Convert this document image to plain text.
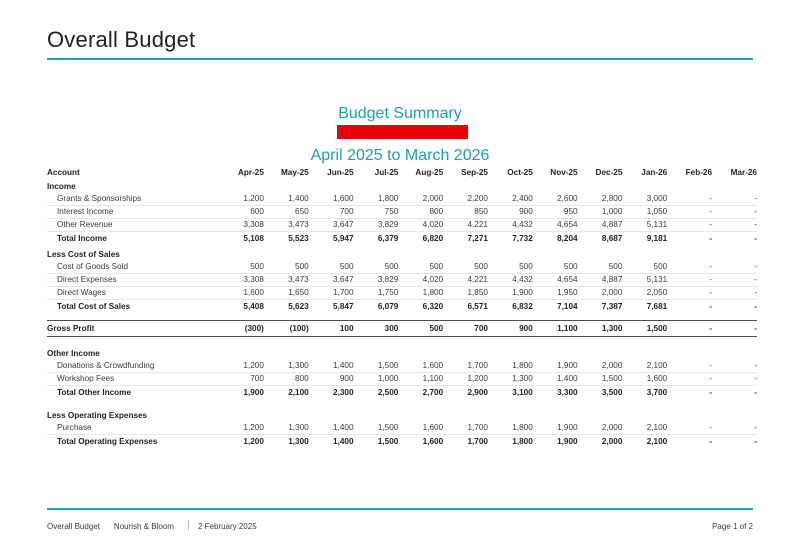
Overall Budget
Budget Summary
April 2025 to March 2026
Account	Apr-25	May-25	Jun-25	Jul-25	Aug-25	Sep-25	Oct-25	Nov-25	Dec-25	Jan-26	Feb-26	Mar-26
Income												
Grants & Sponsorships	1,200	1,400	1,600	1,800	2,000	2,200	2,400	2,600	2,800	3,000	-	-
Interest Income	600	650	700	750	800	850	900	950	1,000	1,050	-	-
Other Revenue	3,308	3,473	3,647	3,829	4,020	4,221	4,432	4,654	4,887	5,131	-	-
Total Income	5,108	5,523	5,947	6,379	6,820	7,271	7,732	8,204	8,687	9,181	-	-
Less Cost of Sales												
Cost of Goods Sold	500	500	500	500	500	500	500	500	500	500	-	-
Direct Expenses	3,308	3,473	3,647	3,829	4,020	4,221	4,432	4,654	4,887	5,131	-	-
Direct Wages	1,600	1,650	1,700	1,750	1,800	1,850	1,900	1,950	2,000	2,050	-	-
Total Cost of Sales	5,408	5,623	5,847	6,079	6,320	6,571	6,832	7,104	7,387	7,681	-	-

Gross Profit	(300)	(100)	100	300	500	700	900	1,100	1,300	1,500	-	-

Other Income												
Donations & Crowdfunding	1,200	1,300	1,400	1,500	1,600	1,700	1,800	1,900	2,000	2,100	-	-
Workshop Fees	700	800	900	1,000	1,100	1,200	1,300	1,400	1,500	1,600	-	-
Total Other Income	1,900	2,100	2,300	2,500	2,700	2,900	3,100	3,300	3,500	3,700	-	-

Less Operating Expenses												
Purchase	1,200	1,300	1,400	1,500	1,600	1,700	1,800	1,900	2,000	2,100	-	-
Total Operating Expenses	1,200	1,300	1,400	1,500	1,600	1,700	1,800	1,900	2,000	2,100	-	-
Overall Budget Nourish & Bloom	2 February 2025	Page 1 of 2
